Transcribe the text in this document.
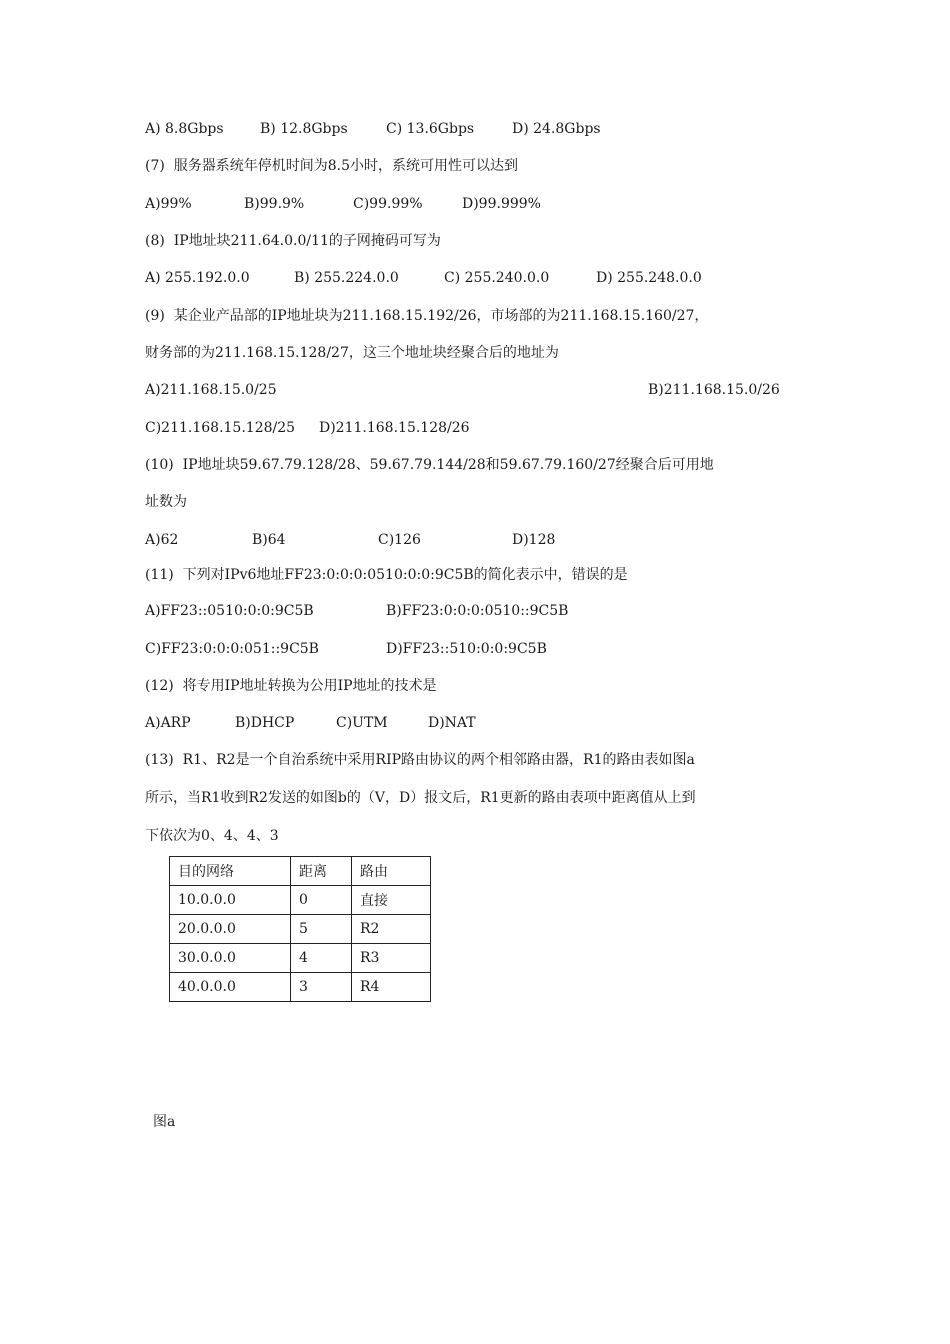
A) 8.8Gbps	B) 12.8Gbps	C) 13.6Gbps	D) 24.8Gbps
(7)  服务器系统年停机时间为8.5小时，系统可用性可以达到
A)99%	B)99.9%	C)99.99%	D)99.999%
(8)  IP地址块211.64.0.0/11的子网掩码可写为
A) 255.192.0.0	B) 255.224.0.0	C) 255.240.0.0	D) 255.248.0.0
(9)  某企业产品部的IP地址块为211.168.15.192/26，市场部的为211.168.15.160/27，
财务部的为211.168.15.128/27，这三个地址块经聚合后的地址为
A)211.168.15.0/25	B)211.168.15.0/26
C)211.168.15.128/25 D)211.168.15.128/26
(10)  IP地址块59.67.79.128/28、59.67.79.144/28和59.67.79.160/27经聚合后可用地
址数为
A)62	B)64	C)126	D)128
(11)  下列对IPv6地址FF23:0:0:0:0510:0:0:9C5B的简化表示中，错误的是
A)FF23::0510:0:0:9C5B	B)FF23:0:0:0:0510::9C5B
C)FF23:0:0:0:051::9C5B	D)FF23::510:0:0:9C5B
(12)  将专用IP地址转换为公用IP地址的技术是
A)ARP	B)DHCP	C)UTM	D)NAT
(13)  R1、R2是一个自治系统中采用RIP路由协议的两个相邻路由器，R1的路由表如图a
所示，当R1收到R2发送的如图b的（V，D）报文后，R1更新的路由表项中距离值从上到
下依次为0、4、4、3
目的网络	距离	路由
10.0.0.0	0	直接
20.0.0.0	5	R2
30.0.0.0	4	R3
40.0.0.0	3	R4
图a
